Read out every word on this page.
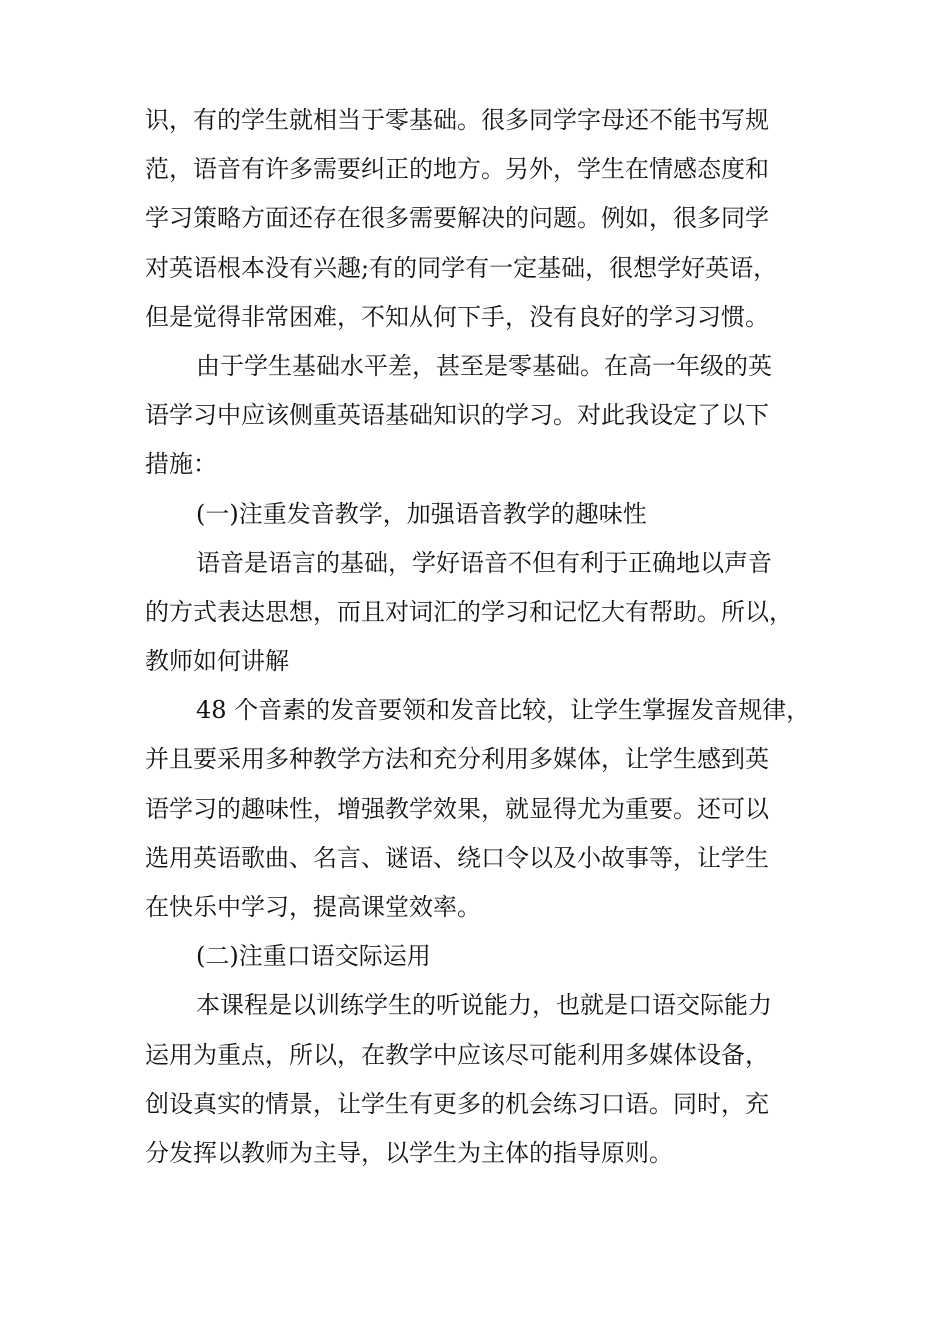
识，有的学生就相当于零基础。很多同学字母还不能书写规
范，语音有许多需要纠正的地方。另外，学生在情感态度和
学习策略方面还存在很多需要解决的问题。例如，很多同学
对英语根本没有兴趣;有的同学有一定基础，很想学好英语，
但是觉得非常困难，不知从何下手，没有良好的学习习惯。
由于学生基础水平差，甚至是零基础。在高一年级的英
语学习中应该侧重英语基础知识的学习。对此我设定了以下
措施：
(一)注重发音教学，加强语音教学的趣味性
语音是语言的基础，学好语音不但有利于正确地以声音
的方式表达思想，而且对词汇的学习和记忆大有帮助。所以，
教师如何讲解
48 个音素的发音要领和发音比较，让学生掌握发音规律，
并且要采用多种教学方法和充分利用多媒体，让学生感到英
语学习的趣味性，增强教学效果，就显得尤为重要。还可以
选用英语歌曲、名言、谜语、绕口令以及小故事等，让学生
在快乐中学习，提高课堂效率。
(二)注重口语交际运用
本课程是以训练学生的听说能力，也就是口语交际能力
运用为重点，所以，在教学中应该尽可能利用多媒体设备，
创设真实的情景，让学生有更多的机会练习口语。同时，充
分发挥以教师为主导，以学生为主体的指导原则。
